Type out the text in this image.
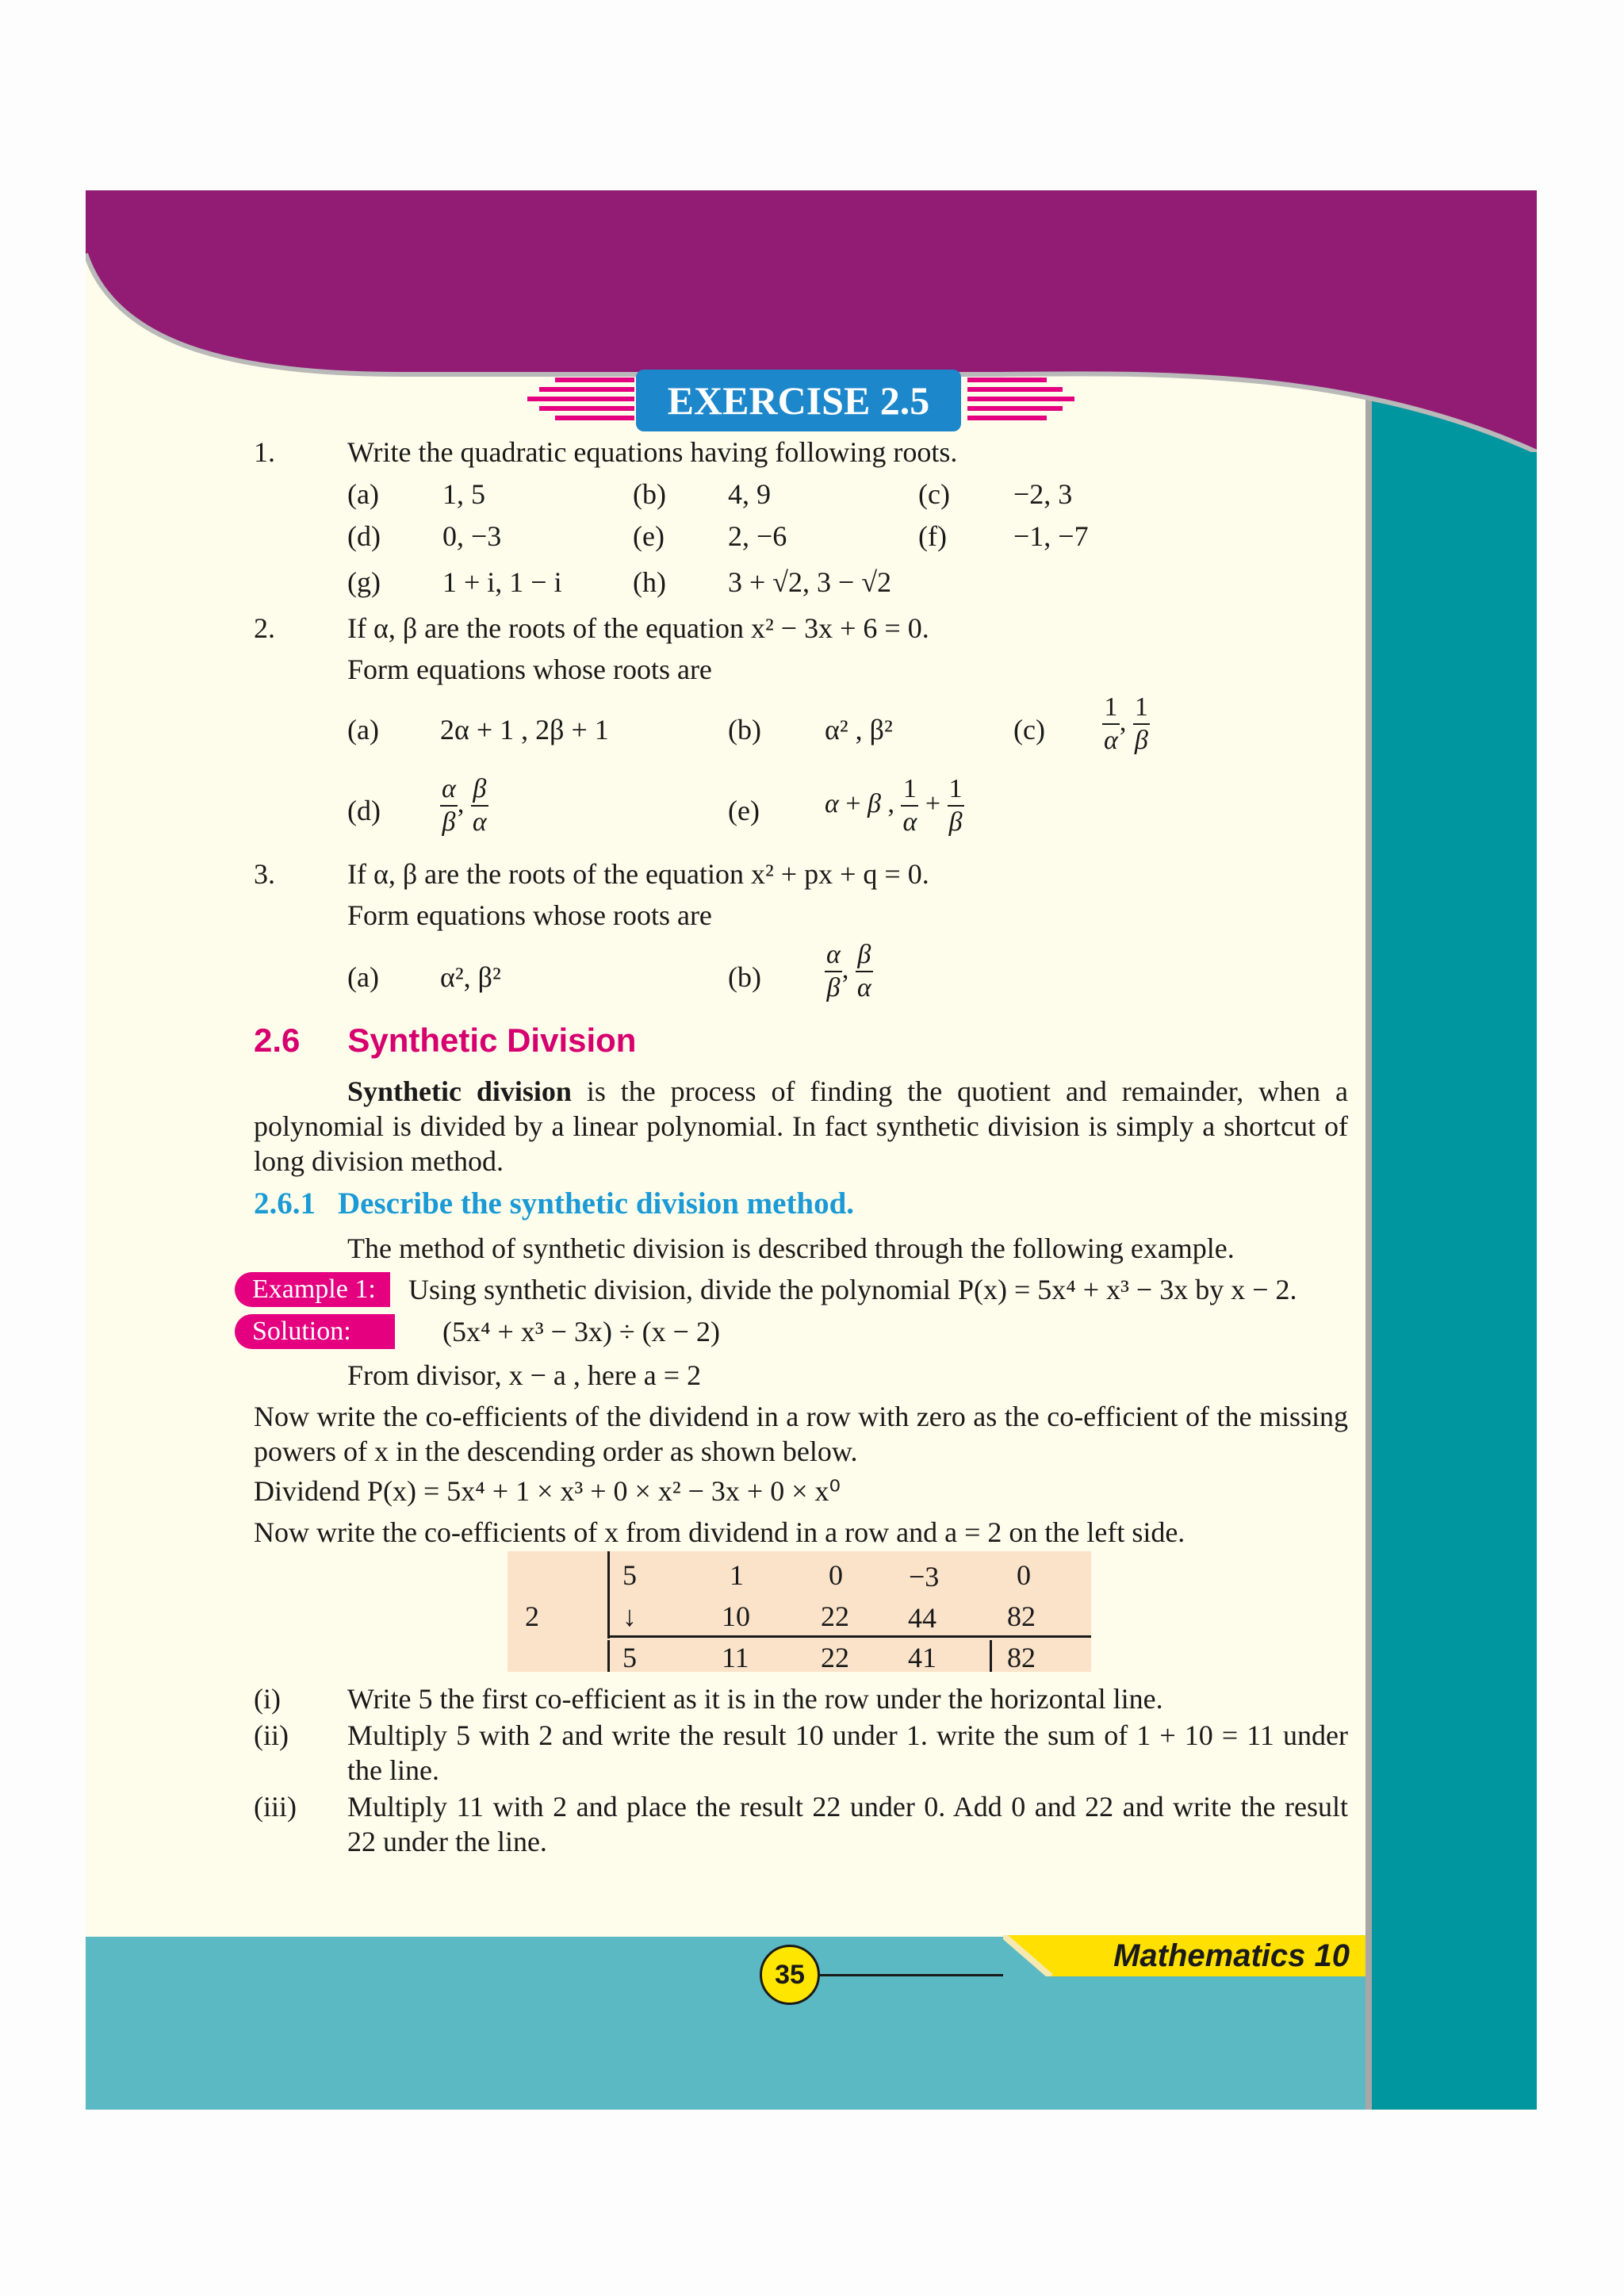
EXERCISE 2.5
1.	Write the quadratic equations having following roots.
(a) 1, 5	(b) 4, 9	(c) −2, 3
(d) 0, −3	(e) 2, −6	(f) −1, −7
(g) 1 + i, 1 − i (h) 3 + √2, 3 − √2
2.	If α, β are the roots of the equation x² − 3x + 6 = 0.
Form equations whose roots are
(a) 2α + 1 , 2β + 1	(b) α² , β²	$(c) \frac{1}{\alpha}$ , $\frac{1}{\beta}$
$(d) \frac{\alpha}{\beta}$ , $\frac{\beta}{\alpha}$	(e) α + β , $\frac{1}{\alpha} + \frac{1}{\beta}$
3.	If α, β are the roots of the equation x² + px + q = 0.
Form equations whose roots are
(a) α², β²	$(b) \frac{\alpha}{\beta}$ , $\frac{\beta}{\alpha}$
2.6 Synthetic Division
Synthetic division is the process of finding the quotient and remainder, when a polynomial is divided by a linear polynomial. In fact synthetic division is simply a shortcut of long division method.
2.6.1 Describe the synthetic division method.
The method of synthetic division is described through the following example.
Example 1:	Using synthetic division, divide the polynomial P(x) = 5x⁴ + x³ − 3x by x − 2.
Solution:	(5x⁴ + x³ − 3x) ÷ (x − 2)
From divisor, x − a , here a = 2
Now write the co-efficients of the dividend in a row with zero as the co-efficient of the missing powers of x in the descending order as shown below.
Dividend P(x) = 5x⁴ + 1 × x³ + 0 × x² − 3x + 0 × x⁰
Now write the co-efficients of x from dividend in a row and a = 2 on the left side.
2
5	1	0 −3	0
↓	10 22 44 82
5	11	22 41 82
(i) Write 5 the first co-efficient as it is in the row under the horizontal line.
(ii) Multiply 5 with 2 and write the result 10 under 1. write the sum of 1 + 10 = 11 under the line.
(iii) Multiply 11 with 2 and place the result 22 under 0. Add 0 and 22 and write the result 22 under the line.
Mathematics 10
35
